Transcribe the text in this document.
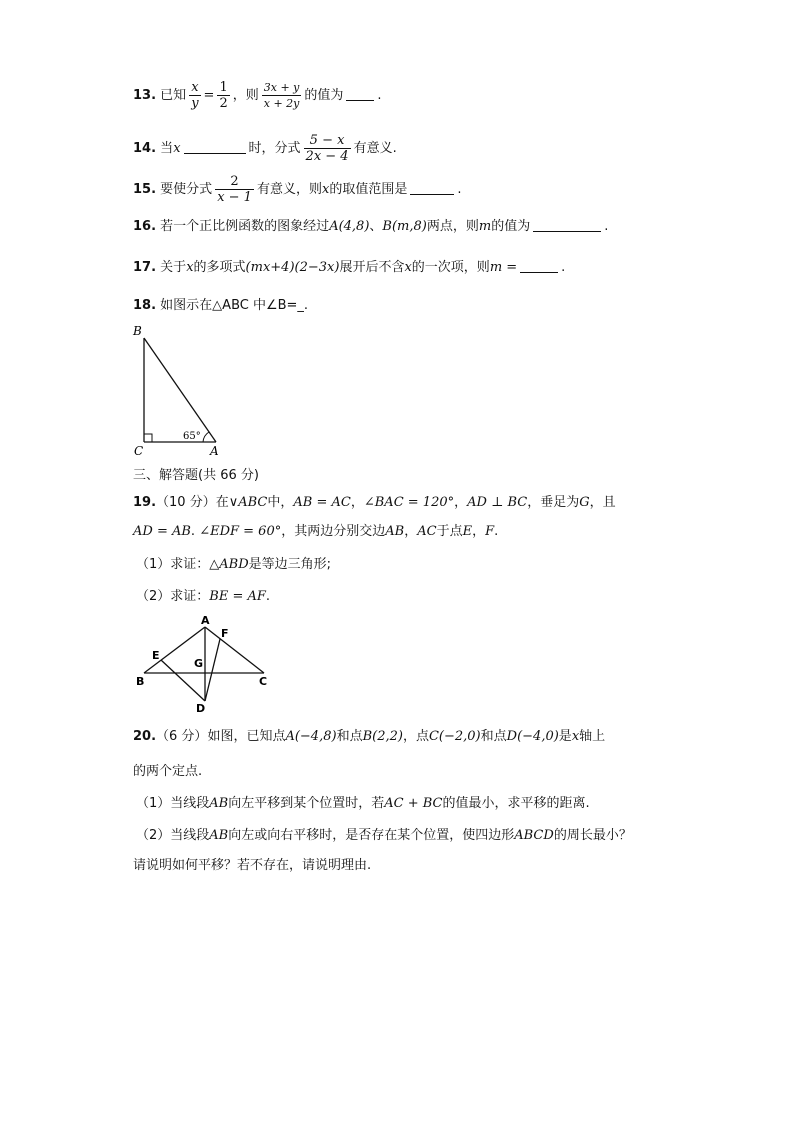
13. 已知 $\frac{x}{y} = \frac{1}{2}$ ，则 $\frac{3x + y}{x + 2y}$ 的值为	.
14. 当x	时，分式 $\frac{5 - x}{2x - 4}$ 有意义.
15. 要使分式 $\frac{2}{x - 1}$ 有意义，则x的取值范围是	.
16. 若一个正比例函数的图象经过A(4,8)、B(m,8)两点，则m的值为	.
17. 关于x的多项式(mx+4)(2−3x)展开后不含x的一次项，则m =	.
18. 如图示在△ABC 中∠B=_.
B
C	A
65°
三、解答题(共 66 分)
19.（10 分）在∨ABC中，AB = AC，∠BAC = 120°，AD ⊥ BC，垂足为G，且
AD = AB. ∠EDF = 60°，其两边分别交边AB，AC于点E，F.
（1）求证：△ABD是等边三角形;
（2）求证：BE = AF.
A
B	C
D
E
F
G
20.（6 分）如图，已知点A(−4,8)和点B(2,2)，点C(−2,0)和点D(−4,0)是x轴上
的两个定点.
（1）当线段AB向左平移到某个位置时，若AC + BC的值最小，求平移的距离.
（2）当线段AB向左或向右平移时，是否存在某个位置，使四边形ABCD的周长最小？
请说明如何平移？若不存在，请说明理由.
